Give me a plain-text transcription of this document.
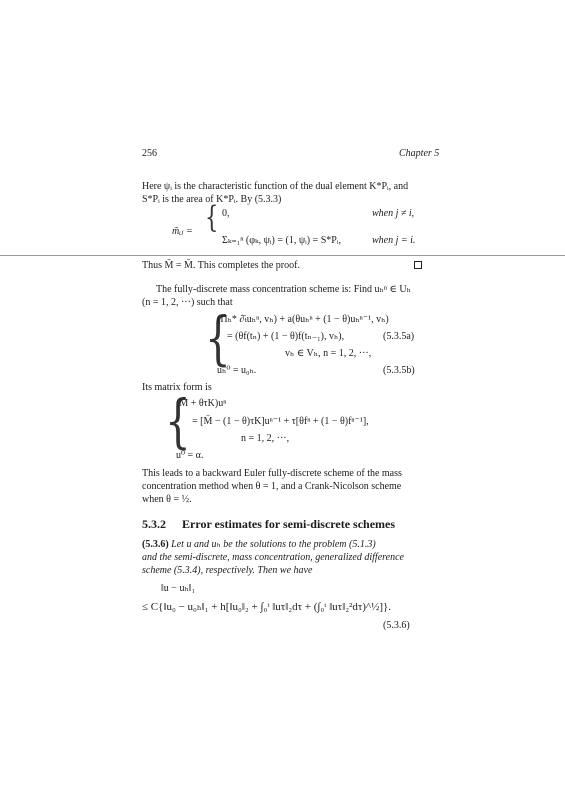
256	Chapter 5
Here ψᵢ is the characteristic function of the dual element K*Pᵢ, and
S*Pᵢ is the area of K*Pᵢ. By (5.3.3)
m̃ᵢⱼ = { 0,	when j ≠ i,
Σₖ₌₁ⁿ (φₖ, ψᵢ) = (1, ψᵢ) = S*Pᵢ,	when j = i.
Thus M̃ = M̄. This completes the proof.
The fully-discrete mass concentration scheme is: Find uₕⁿ ∈ Uₕ
(n = 1, 2, ···) such that
{
(Πₕ* ∂̄ₜuₕⁿ, vₕ) + a(θuₕⁿ + (1 − θ)uₕⁿ⁻¹, vₕ)
= (θf(tₙ) + (1 − θ)f(tₙ₋₁), vₕ),	(5.3.5a)
vₕ ∈ Vₕ, n = 1, 2, ···,
uₕ⁰ = u₀ₕ.	(5.3.5b)
Its matrix form is
{
(M̄ + θτK)uⁿ
= [M̄ − (1 − θ)τK]uⁿ⁻¹ + τ[θfⁿ + (1 − θ)fⁿ⁻¹],
n = 1, 2, ···,
u⁰ = α.
This leads to a backward Euler fully-discrete scheme of the mass
concentration method when θ = 1, and a Crank-Nicolson scheme
when θ = ½.
5.3.2 Error estimates for semi-discrete schemes
(5.3.6) Let u and uₕ be the solutions to the problem (5.1.3)
and the semi-discrete, mass concentration, generalized difference
scheme (5.3.4), respectively. Then we have
‖u − uₕ‖₁
≤ C{‖u₀ − u₀ₕ‖₁ + h[‖u₀‖₂ + ∫₀ᵗ ‖uτ‖₂dτ + (∫₀ᵗ ‖uτ‖₂²dτ)^½]}.
(5.3.6)
